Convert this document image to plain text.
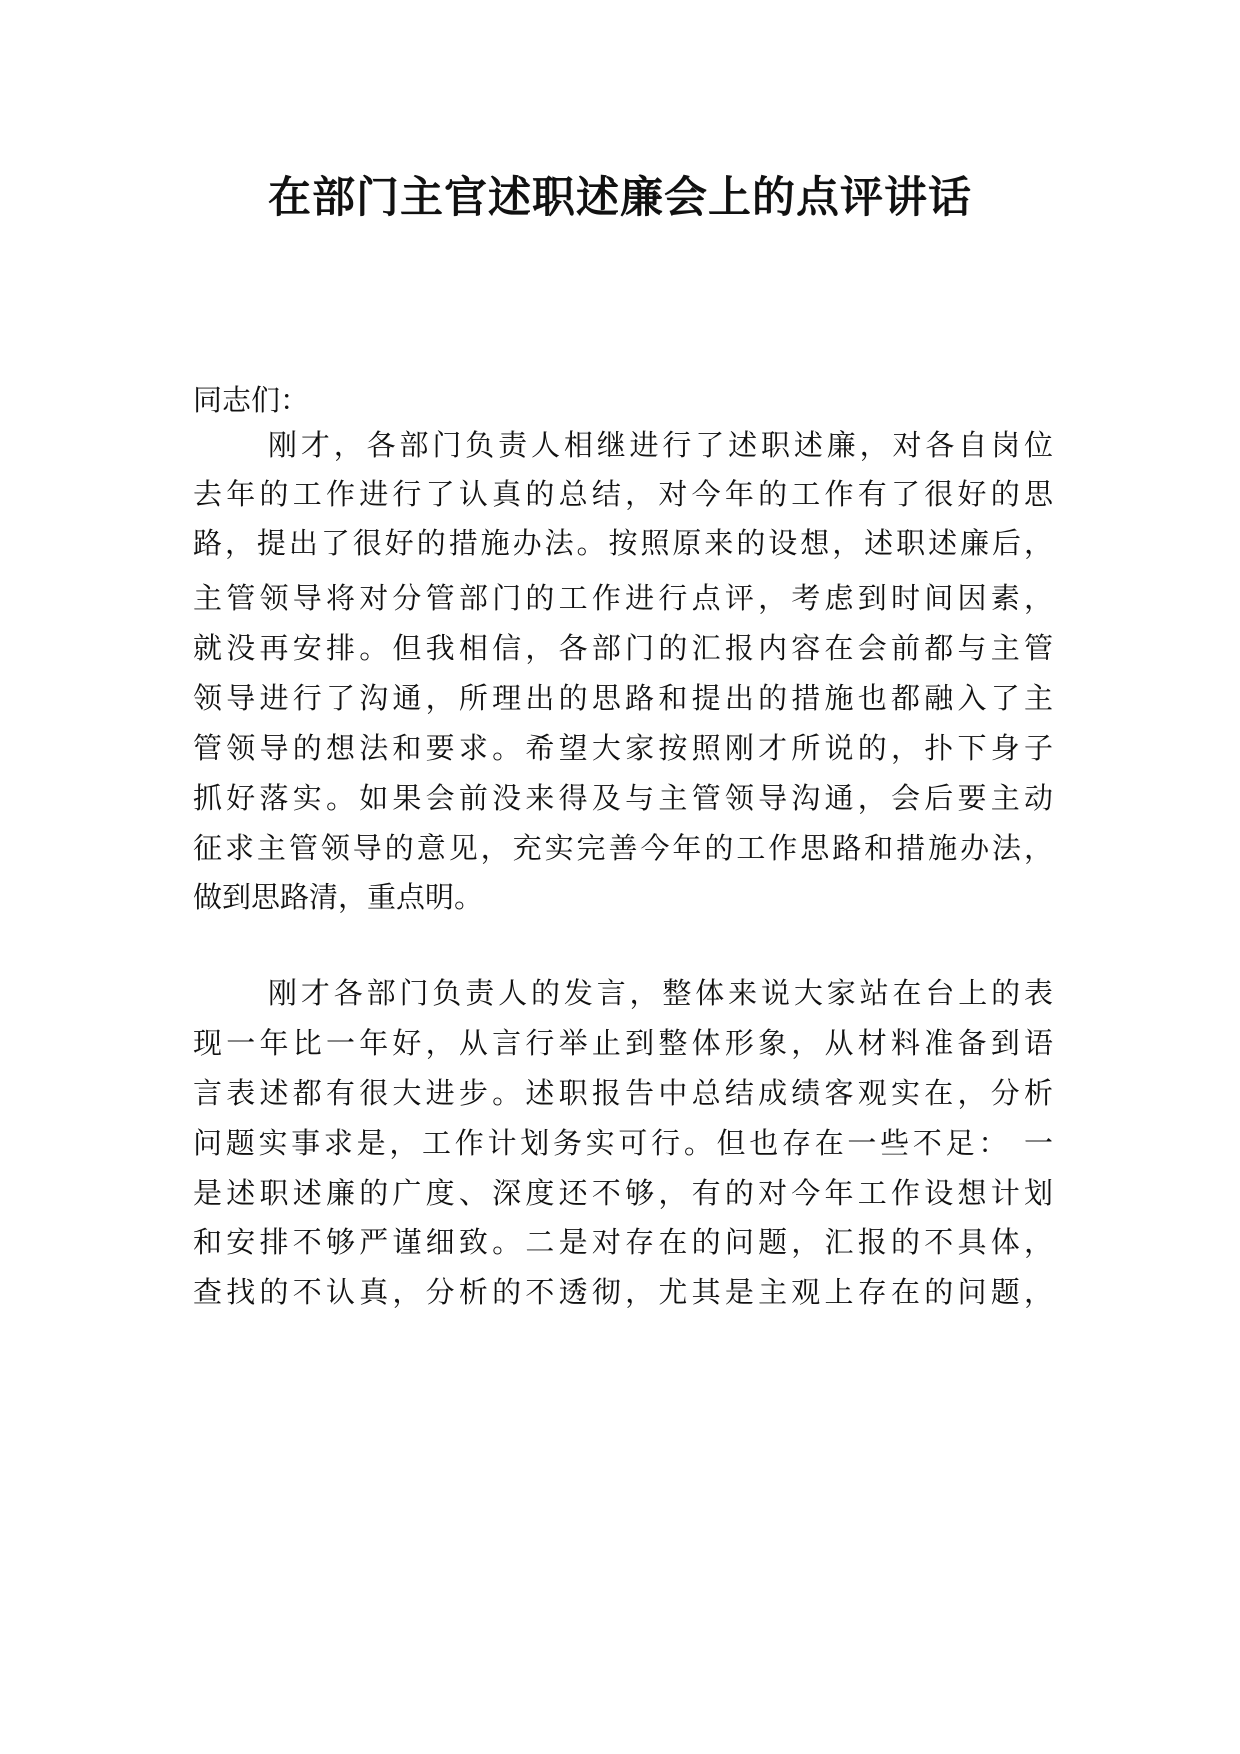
在部门主官述职述廉会上的点评讲话

同志们：

刚才，各部门负责人相继进行了述职述廉，对各自岗位

去年的工作进行了认真的总结，对今年的工作有了很好的思

路，提出了很好的措施办法。按照原来的设想，述职述廉后，

主管领导将对分管部门的工作进行点评，考虑到时间因素，

就没再安排。但我相信，各部门的汇报内容在会前都与主管

领导进行了沟通，所理出的思路和提出的措施也都融入了主

管领导的想法和要求。希望大家按照刚才所说的，扑下身子

抓好落实。如果会前没来得及与主管领导沟通，会后要主动

征求主管领导的意见，充实完善今年的工作思路和措施办法，

做到思路清，重点明。

刚才各部门负责人的发言，整体来说大家站在台上的表

现一年比一年好，从言行举止到整体形象，从材料准备到语

言表述都有很大进步。述职报告中总结成绩客观实在，分析

问题实事求是，工作计划务实可行。但也存在一些不足： 一

是述职述廉的广度、深度还不够，有的对今年工作设想计划

和安排不够严谨细致。二是对存在的问题，汇报的不具体，

查找的不认真，分析的不透彻，尤其是主观上存在的问题，
